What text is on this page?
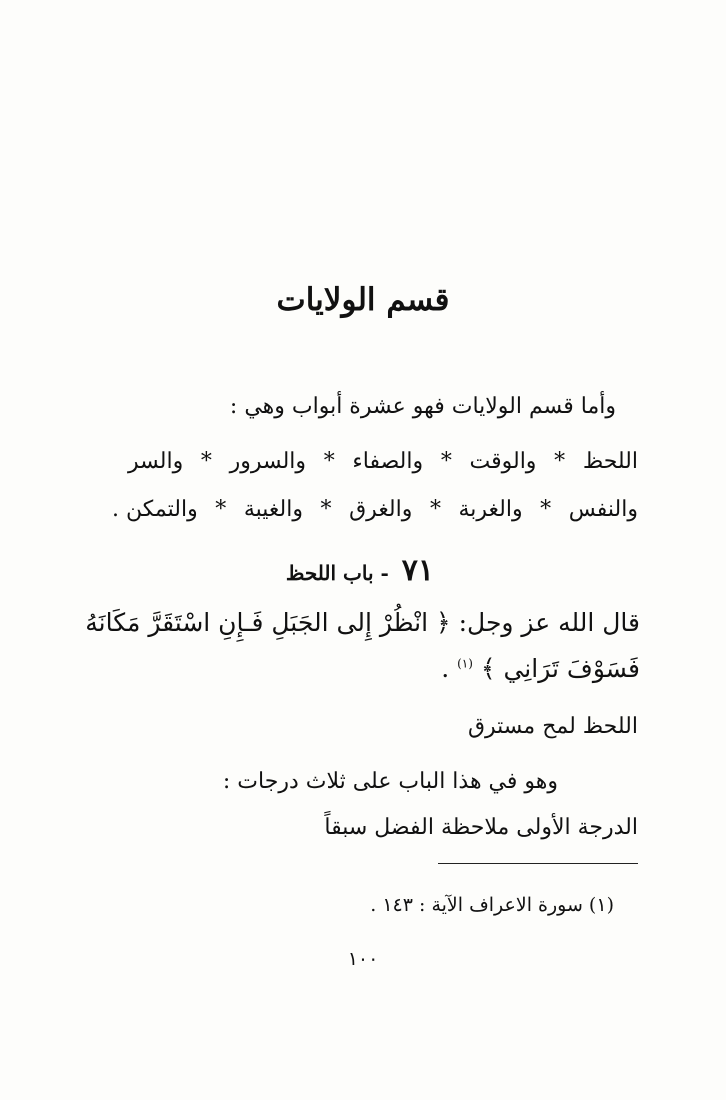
قسم الولايات
وأما قسم الولايات فهو عشرة أبواب وهي :
اللحظ
*
والوقت
*
والصفاء
*
والسرور
*
والسر
والنفس
*
والغربة
*
والغرق
*
والغيبة
*
والتمكن .
٧١ - باب اللحظ
قال الله عز وجل: ﴿ انْظُرْ إِلى الجَبَلِ فَـإِنِ اسْتَقَرَّ مَكَانَهُ
فَسَوْفَ تَرَانِي ﴾ $^{(١)}$ .
اللحظ لمح مسترق
وهو في هذا الباب على ثلاث درجات :
الدرجة الأولى ملاحظة الفضل سبقاً
(١) سورة الاعراف الآية : ١٤٣ .
١٠٠
